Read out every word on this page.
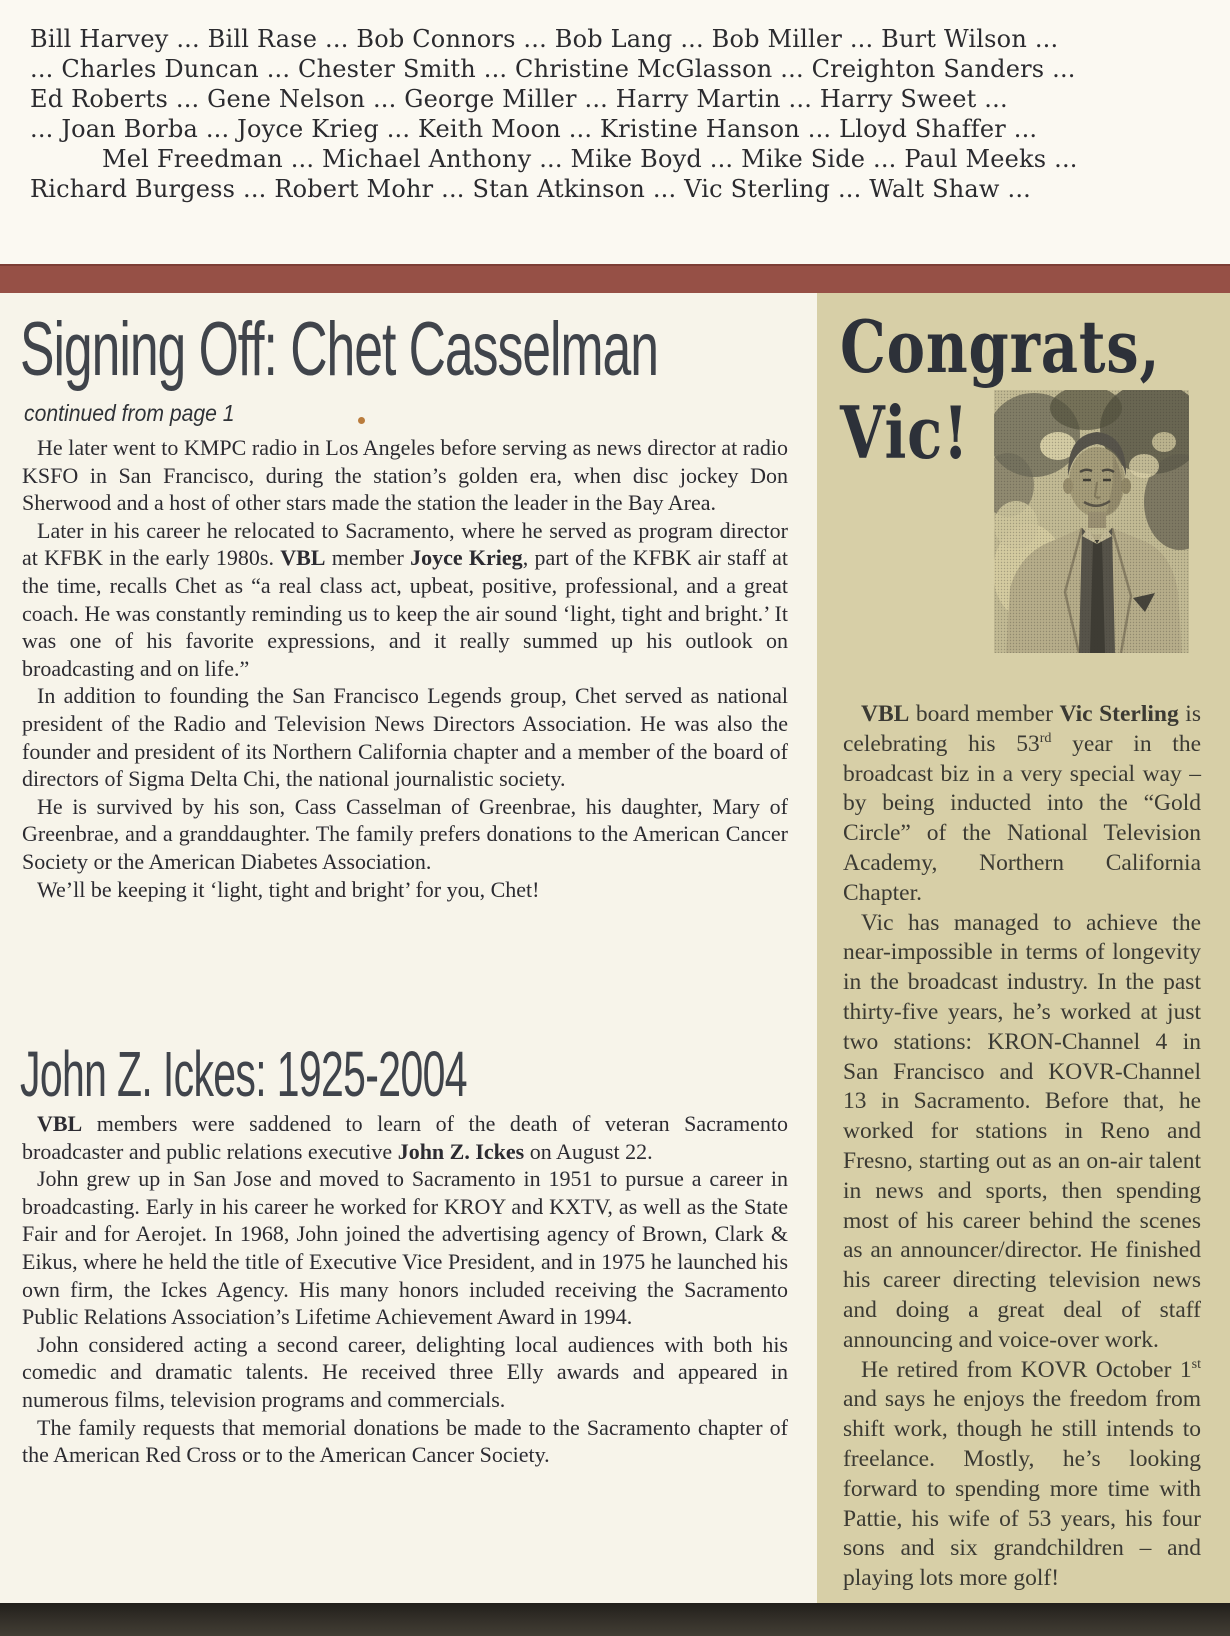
Bill Harvey ... Bill Rase ... Bob Connors ... Bob Lang ... Bob Miller ... Burt Wilson ...
... Charles Duncan ... Chester Smith ... Christine McGlasson ... Creighton Sanders ...
Ed Roberts ... Gene Nelson ... George Miller ... Harry Martin ... Harry Sweet ...
... Joan Borba ... Joyce Krieg ... Keith Moon ... Kristine Hanson ... Lloyd Shaffer ...
Mel Freedman ... Michael Anthony ... Mike Boyd ... Mike Side ... Paul Meeks ...
Richard Burgess ... Robert Mohr ... Stan Atkinson ... Vic Sterling ... Walt Shaw ...
Signing Off: Chet Casselman

continued from page 1

He later went to KMPC radio in Los Angeles before serving as news director at radio KSFO in San Francisco, during the station’s golden era, when disc jockey Don Sherwood and a host of other stars made the station the leader in the Bay Area.

Later in his career he relocated to Sacramento, where he served as program director at KFBK in the early 1980s. VBL member Joyce Krieg, part of the KFBK air staff at the time, recalls Chet as “a real class act, upbeat, positive, professional, and a great coach. He was constantly reminding us to keep the air sound ‘light, tight and bright.’ It was one of his favorite expressions, and it really summed up his outlook on broadcasting and on life.”

In addition to founding the San Francisco Legends group, Chet served as national president of the Radio and Television News Directors Association. He was also the founder and president of its Northern California chapter and a member of the board of directors of Sigma Delta Chi, the national journalistic society.

He is survived by his son, Cass Casselman of Greenbrae, his daughter, Mary of Greenbrae, and a granddaughter. The family prefers donations to the American Cancer Society or the American Diabetes Association.

We’ll be keeping it ‘light, tight and bright’ for you, Chet!

John Z. Ickes: 1925-2004

VBL members were saddened to learn of the death of veteran Sacramento broadcaster and public relations executive John Z. Ickes on August 22.

John grew up in San Jose and moved to Sacramento in 1951 to pursue a career in broadcasting. Early in his career he worked for KROY and KXTV, as well as the State Fair and for Aerojet. In 1968, John joined the advertising agency of Brown, Clark & Eikus, where he held the title of Executive Vice President, and in 1975 he launched his own firm, the Ickes Agency. His many honors included receiving the Sacramento Public Relations Association’s Lifetime Achievement Award in 1994.

John considered acting a second career, delighting local audiences with both his comedic and dramatic talents. He received three Elly awards and appeared in numerous films, television programs and commercials.

The family requests that memorial donations be made to the Sacramento chapter of the American Red Cross or to the American Cancer Society.

Congrats,
Vic!

VBL board member Vic Sterling is celebrating his 53rd year in the broadcast biz in a very special way – by being inducted into the “Gold Circle” of the National Television Academy, Northern California Chapter.

Vic has managed to achieve the near-impossible in terms of longevity in the broadcast industry. In the past thirty-five years, he’s worked at just two stations: KRON-Channel 4 in San Francisco and KOVR-Channel 13 in Sacramento. Before that, he worked for stations in Reno and Fresno, starting out as an on-air talent in news and sports, then spending most of his career behind the scenes as an announcer/director. He finished his career directing television news and doing a great deal of staff announcing and voice-over work.

He retired from KOVR October 1st and says he enjoys the freedom from shift work, though he still intends to freelance. Mostly, he’s looking forward to spending more time with Pattie, his wife of 53 years, his four sons and six grandchildren – and playing lots more golf!
